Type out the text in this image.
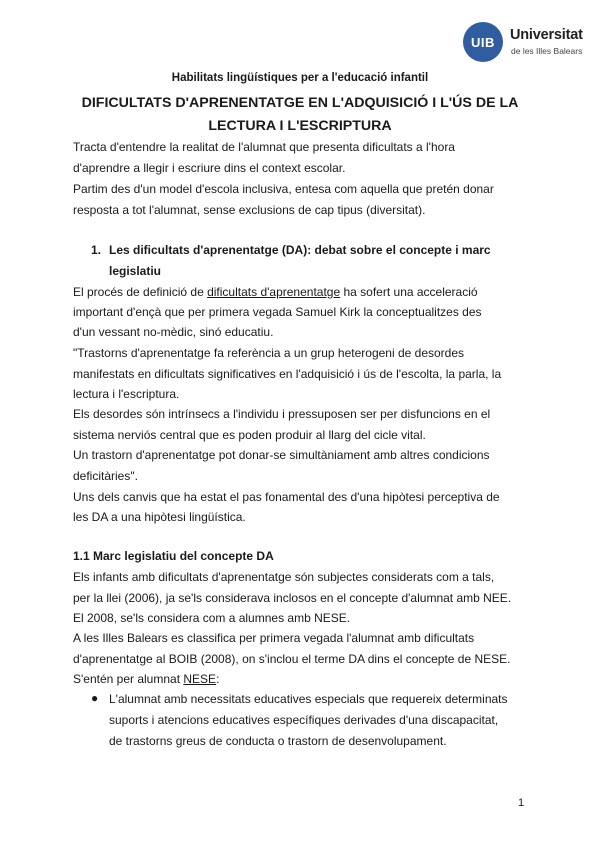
UIB	Universitat
de les Illes Balears
Habilitats lingüístiques per a l'educació infantil
DIFICULTATS D'APRENENTATGE EN L'ADQUISICIÓ I L'ÚS DE LA LECTURA I L'ESCRIPTURA
Tracta d'entendre la realitat de l'alumnat que presenta dificultats a l'hora
d'aprendre a llegir i escriure dins el context escolar.
Partim des d'un model d'escola inclusiva, entesa com aquella que pretén donar
resposta a tot l'alumnat, sense exclusions de cap tipus (diversitat).
1. Les dificultats d'aprenentatge (DA): debat sobre el concepte i marc
legislatiu
El procés de definició de dificultats d'aprenentatge ha sofert una acceleració
important d'ençà que per primera vegada Samuel Kirk la conceptualitzes des
d'un vessant no-mèdic, sinó educatiu.
"Trastorns d'aprenentatge fa referència a un grup heterogeni de desordes
manifestats en dificultats significatives en l'adquisició i ús de l'escolta, la parla, la
lectura i l'escriptura.
Els desordes són intrínsecs a l'individu i pressuposen ser per disfuncions en el
sistema nerviós central que es poden produir al llarg del cicle vital.
Un trastorn d'aprenentatge pot donar-se simultàniament amb altres condicions
deficitàries".
Uns dels canvis que ha estat el pas fonamental des d'una hipòtesi perceptiva de
les DA a una hipòtesi lingüística.
1.1 Marc legislatiu del concepte DA
Els infants amb dificultats d'aprenentatge són subjectes considerats com a tals,
per la llei (2006), ja se'ls considerava inclosos en el concepte d'alumnat amb NEE.
El 2008, se'ls considera com a alumnes amb NESE.
A les Illes Balears es classifica per primera vegada l'alumnat amb dificultats
d'aprenentatge al BOIB (2008), on s'inclou el terme DA dins el concepte de NESE.
S'entén per alumnat NESE:
● L'alumnat amb necessitats educatives especials que requereix determinats
suports i atencions educatives específiques derivades d'una discapacitat,
de trastorns greus de conducta o trastorn de desenvolupament.
1
